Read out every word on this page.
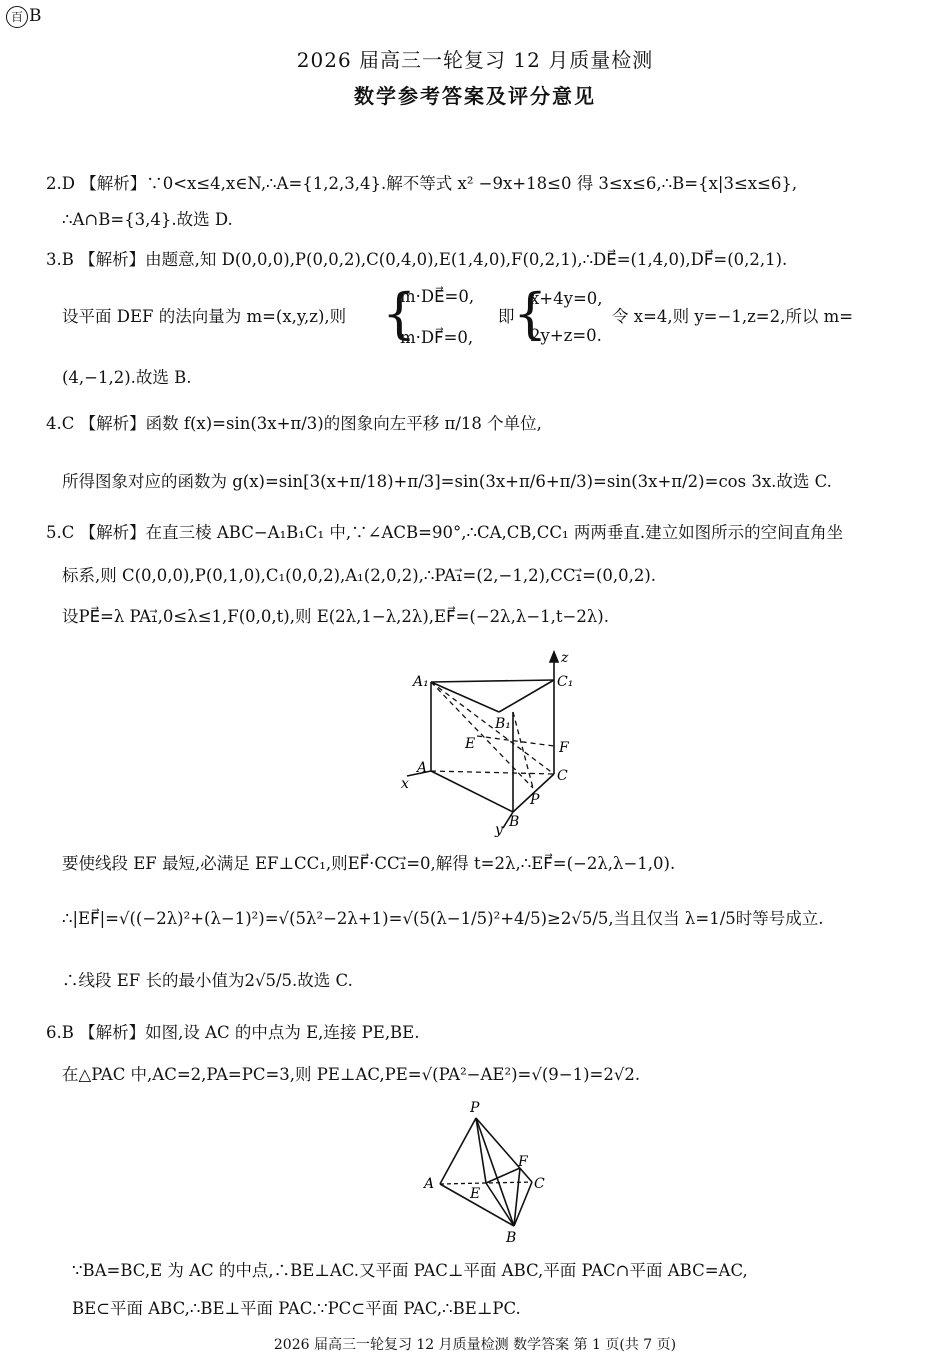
百 B
2026 届高三一轮复习 12 月质量检测
数学参考答案及评分意见
2.D 【解析】∵0<x≤4,x∈N,∴A={1,2,3,4}.解不等式 x² −9x+18≤0 得 3≤x≤6,∴B={x|3≤x≤6},
∴A∩B={3,4}.故选 D.
3.B 【解析】由题意,知 D(0,0,0),P(0,0,2),C(0,4,0),E(1,4,0),F(0,2,1),∴DE⃗=(1,4,0),DF⃗=(0,2,1).
设平面 DEF 的法向量为 m=(x,y,z),则 {
m·DE⃗=0,
m·DF⃗=0,
即
{
x+4y=0,
2y+z=0.
令 x=4,则 y=−1,z=2,所以 m=
(4,−1,2).故选 B.
4.C 【解析】函数 f(x)=sin(3x+π/3)的图象向左平移 π/18 个单位,
所得图象对应的函数为 g(x)=sin[3(x+π/18)+π/3]=sin(3x+π/6+π/3)=sin(3x+π/2)=cos 3x.故选 C.
5.C 【解析】在直三棱 ABC−A₁B₁C₁ 中,∵∠ACB=90°,∴CA,CB,CC₁ 两两垂直.建立如图所示的空间直角坐
标系,则 C(0,0,0),P(0,1,0),C₁(0,0,2),A₁(2,0,2),∴PA₁⃗=(2,−1,2),CC₁⃗=(0,0,2).
设PE⃗=λ PA₁⃗,0≤λ≤1,F(0,0,t),则 E(2λ,1−λ,2λ),EF⃗=(−2λ,λ−1,t−2λ).
A₁	C₁
B₁
E	F
A	C
P
B
x
y
z
要使线段 EF 最短,必满足 EF⊥CC₁,则EF⃗·CC₁⃗=0,解得 t=2λ,∴EF⃗=(−2λ,λ−1,0).
∴|EF⃗|=√((−2λ)²+(λ−1)²)=√(5λ²−2λ+1)=√(5(λ−1/5)²+4/5)≥2√5/5,当且仅当 λ=1/5时等号成立.
∴线段 EF 长的最小值为2√5/5.故选 C.
6.B 【解析】如图,设 AC 的中点为 E,连接 PE,BE.
在△PAC 中,AC=2,PA=PC=3,则 PE⊥AC,PE=√(PA²−AE²)=√(9−1)=2√2.
P
A	C
E
F
B
∵BA=BC,E 为 AC 的中点,∴BE⊥AC.又平面 PAC⊥平面 ABC,平面 PAC∩平面 ABC=AC,
BE⊂平面 ABC,∴BE⊥平面 PAC.∵PC⊂平面 PAC,∴BE⊥PC.
2026 届高三一轮复习 12 月质量检测 数学答案 第 1 页(共 7 页)
